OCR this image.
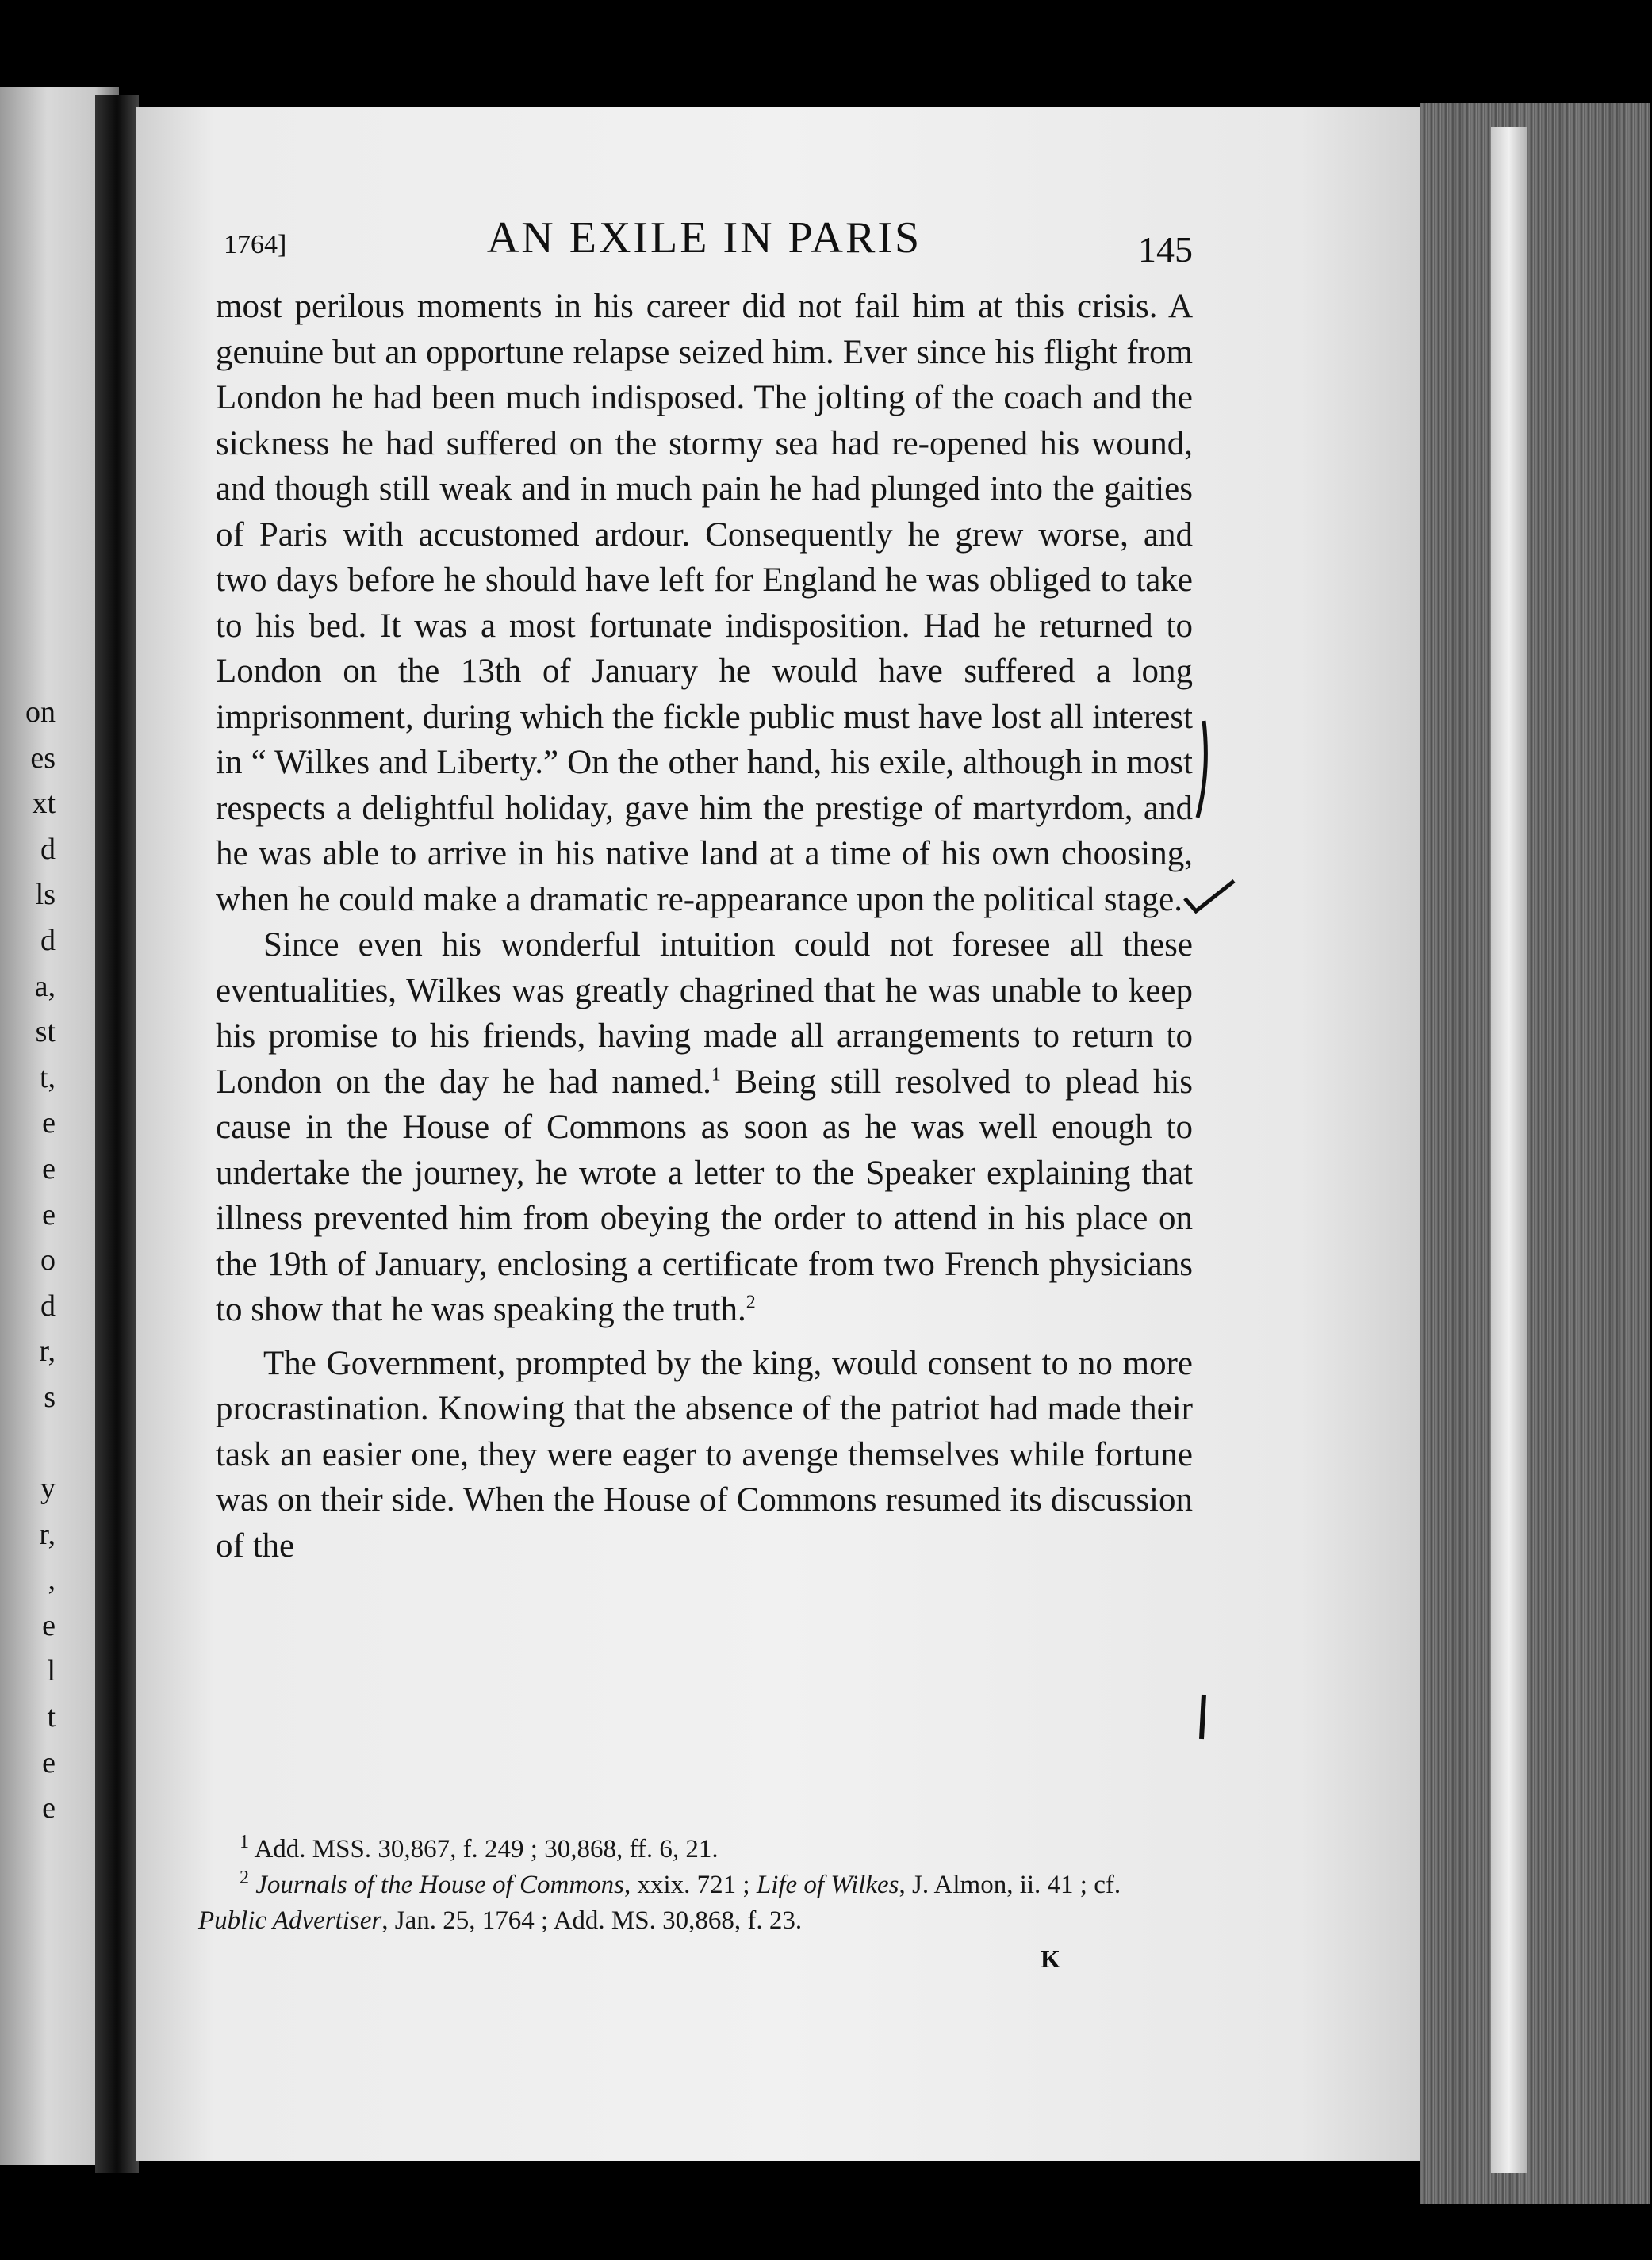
on
es
xt
d
ls
d
a,
st
t,
e
e
e
o
d
r,
s

y
r,
,
e
l
t
e
e
1764]	AN EXILE IN PARIS	145

most perilous moments in his career did not fail him at this crisis. A genuine but an opportune relapse seized him. Ever since his flight from London he had been much indisposed. The jolting of the coach and the sickness he had suffered on the stormy sea had re-opened his wound, and though still weak and in much pain he had plunged into the gaities of Paris with accustomed ardour. Consequently he grew worse, and two days before he should have left for England he was obliged to take to his bed. It was a most fortunate indisposition. Had he returned to London on the 13th of January he would have suffered a long imprisonment, during which the fickle public must have lost all interest in “ Wilkes and Liberty.” On the other hand, his exile, although in most respects a delightful holiday, gave him the prestige of martyrdom, and he was able to arrive in his native land at a time of his own choosing, when he could make a dramatic re-appearance upon the political stage.

Since even his wonderful intuition could not foresee all these eventualities, Wilkes was greatly chagrined that he was unable to keep his promise to his friends, having made all arrangements to return to London on the day he had named.$^1$ Being still resolved to plead his cause in the House of Commons as soon as he was well enough to undertake the journey, he wrote a letter to the Speaker explaining that illness prevented him from obeying the order to attend in his place on the 19th of January, enclosing a certificate from two French physicians to show that he was speaking the truth.$^2$

The Government, prompted by the king, would consent to no more procrastination. Knowing that the absence of the patriot had made their task an easier one, they were eager to avenge themselves while fortune was on their side. When the House of Commons resumed its discussion of the

$^1$ Add. MSS. 30,867, f. 249 ; 30,868, ff. 6, 21.

$^2$ Journals of the House of Commons, xxix. 721 ; Life of Wilkes, J. Almon, ii. 41 ; cf. Public Advertiser, Jan. 25, 1764 ; Add. MS. 30,868, f. 23.

K
